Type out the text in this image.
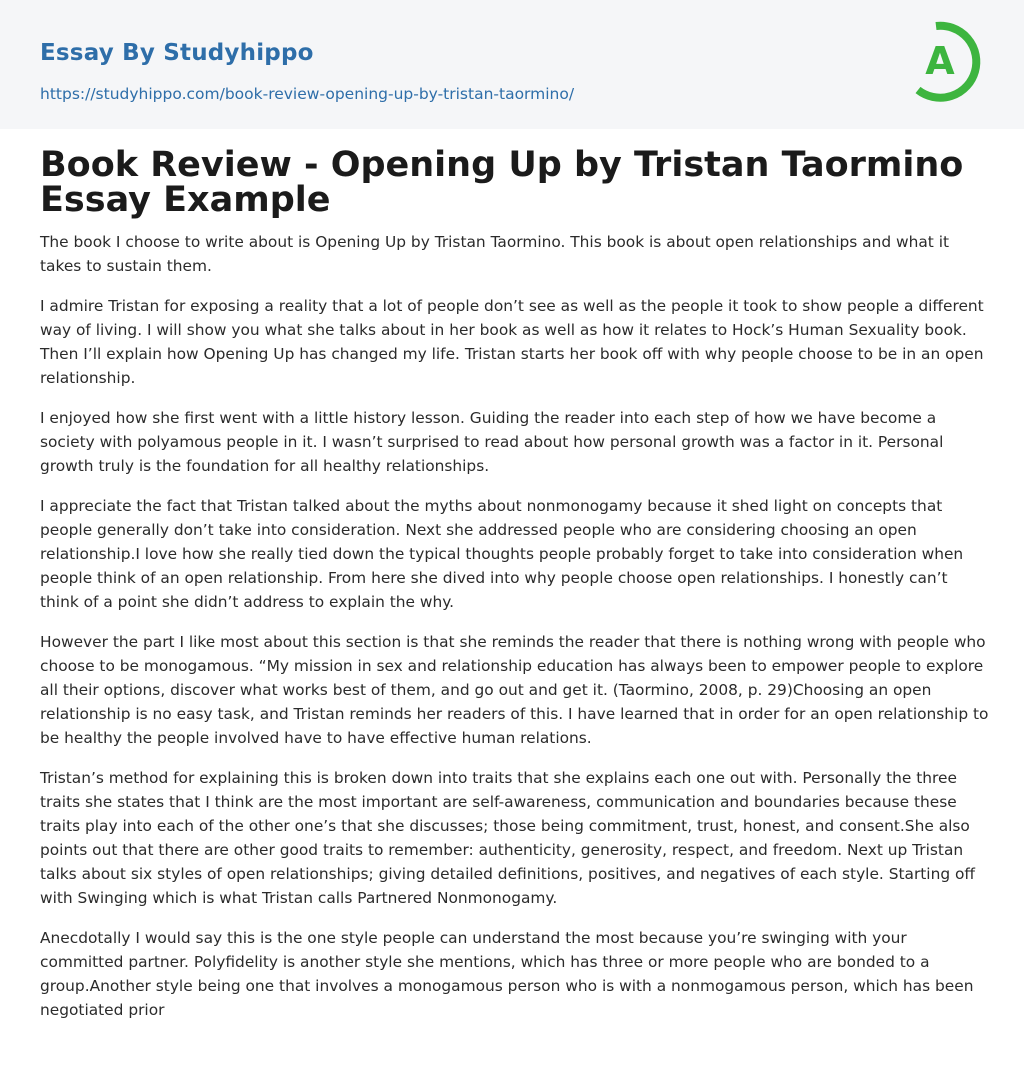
Essay By Studyhippo
https://studyhippo.com/book-review-opening-up-by-tristan-taormino/
A
Book Review - Opening Up by Tristan Taormino Essay Example

The book I choose to write about is Opening Up by Tristan Taormino. This book is about open relationships and what it takes to sustain them.

I admire Tristan for exposing a reality that a lot of people don’t see as well as the people it took to show people a different way of living. I will show you what she talks about in her book as well as how it relates to Hock’s Human Sexuality book. Then I’ll explain how Opening Up has changed my life. Tristan starts her book off with why people choose to be in an open relationship.

I enjoyed how she first went with a little history lesson. Guiding the reader into each step of how we have become a society with polyamous people in it. I wasn’t surprised to read about how personal growth was a factor in it. Personal growth truly is the foundation for all healthy relationships.

I appreciate the fact that Tristan talked about the myths about nonmonogamy because it shed light on concepts that people generally don’t take into consideration. Next she addressed people who are considering choosing an open relationship.I love how she really tied down the typical thoughts people probably forget to take into consideration when people think of an open relationship. From here she dived into why people choose open relationships. I honestly can’t think of a point she didn’t address to explain the why.

However the part I like most about this section is that she reminds the reader that there is nothing wrong with people who choose to be monogamous. “My mission in sex and relationship education has always been to empower people to explore all their options, discover what works best of them, and go out and get it. (Taormino, 2008, p. 29)Choosing an open relationship is no easy task, and Tristan reminds her readers of this. I have learned that in order for an open relationship to be healthy the people involved have to have effective human relations.

Tristan’s method for explaining this is broken down into traits that she explains each one out with. Personally the three traits she states that I think are the most important are self-awareness, communication and boundaries because these traits play into each of the other one’s that she discusses; those being commitment, trust, honest, and consent.She also points out that there are other good traits to remember: authenticity, generosity, respect, and freedom. Next up Tristan talks about six styles of open relationships; giving detailed definitions, positives, and negatives of each style. Starting off with Swinging which is what Tristan calls Partnered Nonmonogamy.

Anecdotally I would say this is the one style people can understand the most because you’re swinging with your committed partner. Polyfidelity is another style she mentions, which has three or more people who are bonded to a group.Another style being one that involves a monogamous person who is with a nonmogamous person, which has been negotiated prior
